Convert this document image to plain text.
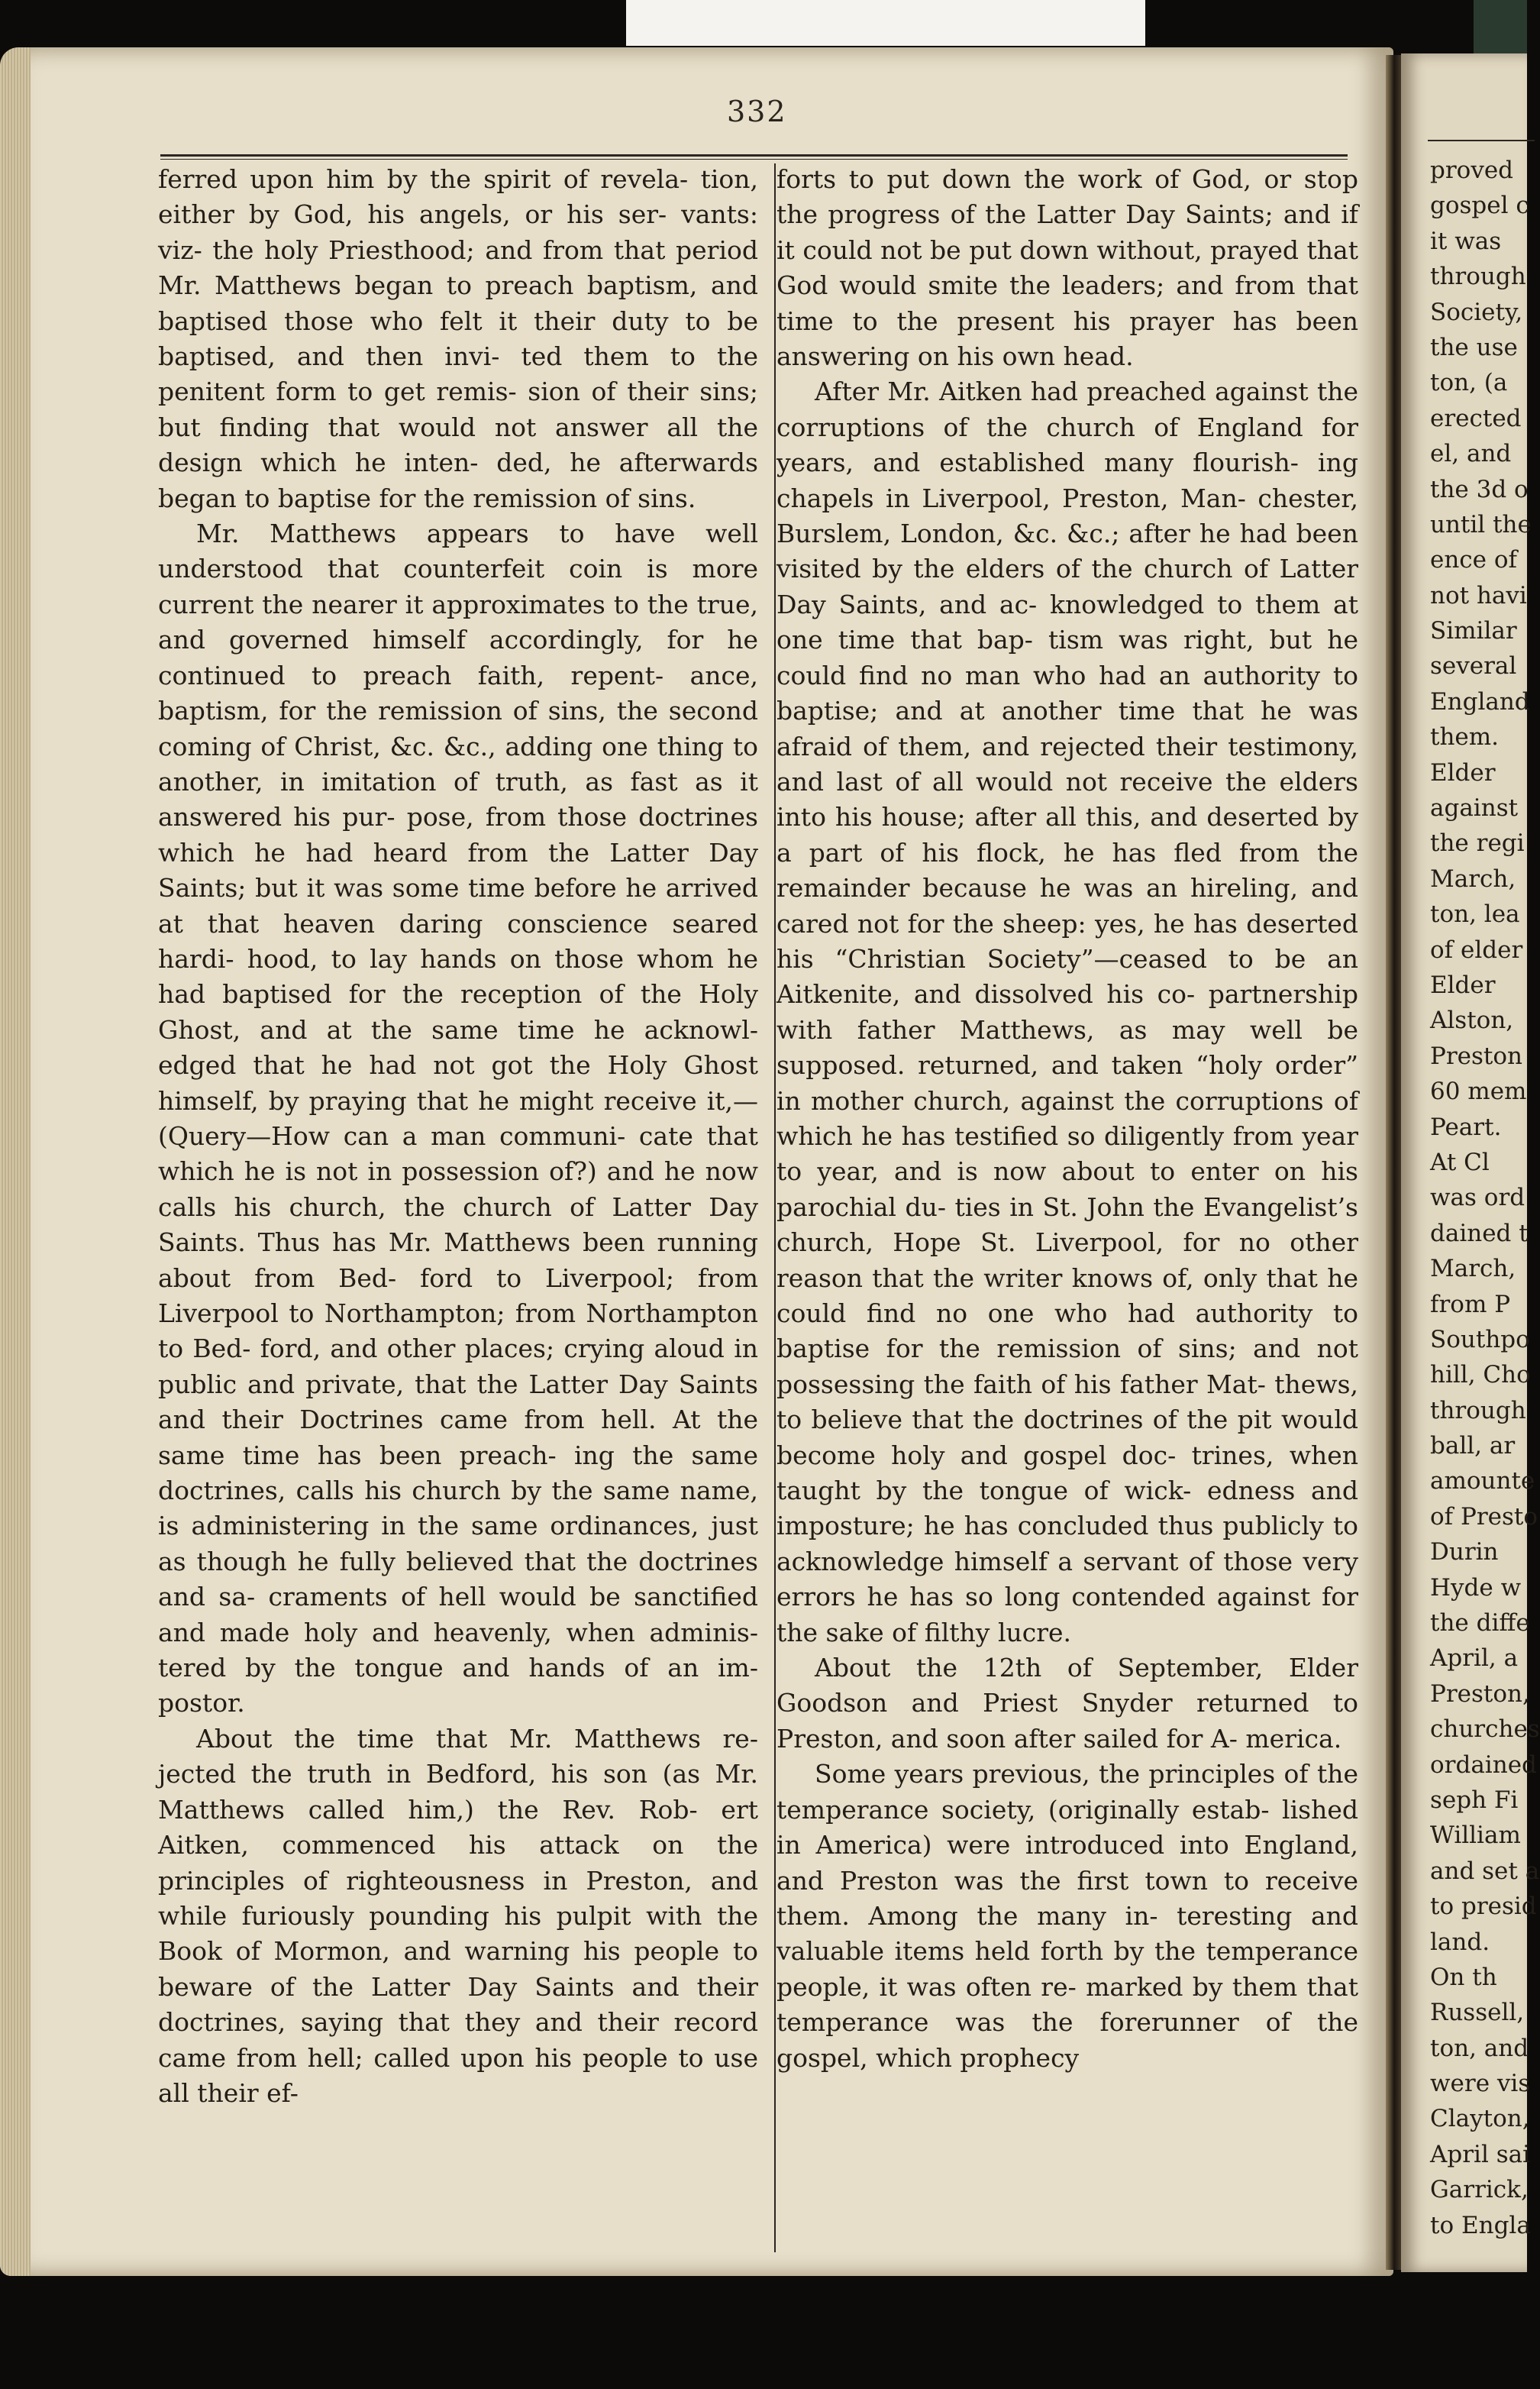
332

ferred upon him by the spirit of revela- tion, either by God, his angels, or his ser- vants: viz- the holy Priesthood; and from that period Mr. Matthews began to preach baptism, and baptised those who felt it their duty to be baptised, and then invi- ted them to the penitent form to get remis- sion of their sins; but finding that would not answer all the design which he inten- ded, he afterwards began to baptise for the remission of sins.

Mr. Matthews appears to have well understood that counterfeit coin is more current the nearer it approximates to the true, and governed himself accordingly, for he continued to preach faith, repent- ance, baptism, for the remission of sins, the second coming of Christ, &c. &c., adding one thing to another, in imitation of truth, as fast as it answered his pur- pose, from those doctrines which he had heard from the Latter Day Saints; but it was some time before he arrived at that heaven daring conscience seared hardi- hood, to lay hands on those whom he had baptised for the reception of the Holy Ghost, and at the same time he acknowl- edged that he had not got the Holy Ghost himself, by praying that he might receive it,—(Query—How can a man communi- cate that which he is not in possession of?) and he now calls his church, the church of Latter Day Saints. Thus has Mr. Matthews been running about from Bed- ford to Liverpool; from Liverpool to Northampton; from Northampton to Bed- ford, and other places; crying aloud in public and private, that the Latter Day Saints and their Doctrines came from hell. At the same time has been preach- ing the same doctrines, calls his church by the same name, is administering in the same ordinances, just as though he fully believed that the doctrines and sa- craments of hell would be sanctified and made holy and heavenly, when adminis- tered by the tongue and hands of an im- postor.

About the time that Mr. Matthews re- jected the truth in Bedford, his son (as Mr. Matthews called him,) the Rev. Rob- ert Aitken, commenced his attack on the principles of righteousness in Preston, and while furiously pounding his pulpit with the Book of Mormon, and warning his people to beware of the Latter Day Saints and their doctrines, saying that they and their record came from hell; called upon his people to use all their ef-

forts to put down the work of God, or stop the progress of the Latter Day Saints; and if it could not be put down without, prayed that God would smite the leaders; and from that time to the present his prayer has been answering on his own head.

After Mr. Aitken had preached against the corruptions of the church of England for years, and established many flourish- ing chapels in Liverpool, Preston, Man- chester, Burslem, London, &c. &c.; after he had been visited by the elders of the church of Latter Day Saints, and ac- knowledged to them at one time that bap- tism was right, but he could find no man who had an authority to baptise; and at another time that he was afraid of them, and rejected their testimony, and last of all would not receive the elders into his house; after all this, and deserted by a part of his flock, he has fled from the remainder because he was an hireling, and cared not for the sheep: yes, he has deserted his “Christian Society”—ceased to be an Aitkenite, and dissolved his co- partnership with father Matthews, as may well be supposed. returned, and taken “holy order” in mother church, against the corruptions of which he has testified so diligently from year to year, and is now about to enter on his parochial du- ties in St. John the Evangelist’s church, Hope St. Liverpool, for no other reason that the writer knows of, only that he could find no one who had authority to baptise for the remission of sins; and not possessing the faith of his father Mat- thews, to believe that the doctrines of the pit would become holy and gospel doc- trines, when taught by the tongue of wick- edness and imposture; he has concluded thus publicly to acknowledge himself a servant of those very errors he has so long contended against for the sake of filthy lucre.

About the 12th of September, Elder Goodson and Priest Snyder returned to Preston, and soon after sailed for A- merica.

Some years previous, the principles of the temperance society, (originally estab- lished in America) were introduced into England, and Preston was the first town to receive them. Among the many in- teresting and valuable items held forth by the temperance people, it was often re- marked by them that temperance was the forerunner of the gospel, which prophecy

proved
gospel c
it was
through
Society,
the use
ton, (a
erected
el, and
the 3d o
until the
ence of
not havi
Similar
several
England
them.
Elder
against
the regi
March,
ton, lea
of elder
Elder
Alston,
Preston
60 mem
Peart.
At Cl
was ord
dained t
March,
from P
Southpo
hill, Cho
through
ball, ar
amounte
of Presto
Durin
Hyde w
the diffe
April, a
Preston,
churches
ordained
seph Fi
William
and set a
to presid
land.
On th
Russell,
ton, and
were vis
Clayton,
April sai
Garrick,
to Engla
